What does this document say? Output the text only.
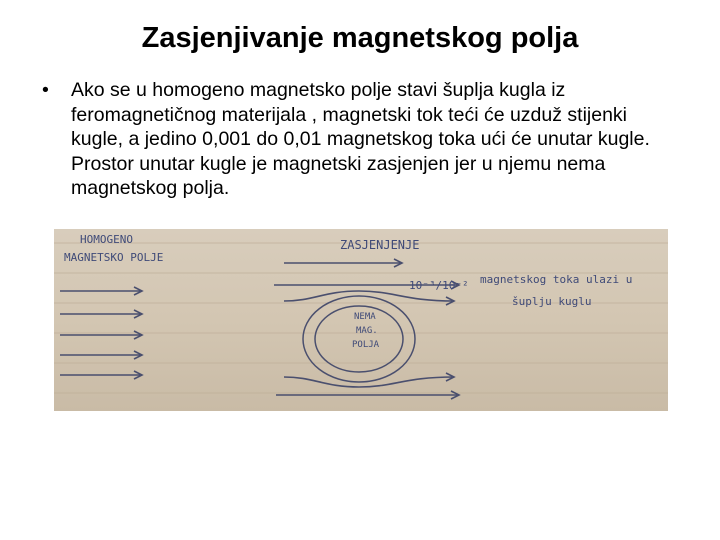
Zasjenjivanje magnetskog polja
• Ako se u homogeno magnetsko polje stavi šuplja kugla iz feromagnetičnog materijala , magnetski tok teći će uzduž stijenki kugle, a jedino 0,001 do 0,01 magnetskog toka ući će unutar kugle. Prostor unutar kugle je magnetski zasjenjen jer u njemu nema magnetskog polja.
HOMOGENO
MAGNETSKO POLJE
ZASJENJENJE
10⁻³/10⁻² magnetskog toka ulazi u
šuplju kuglu
NEMA
MAG.
POLJA
